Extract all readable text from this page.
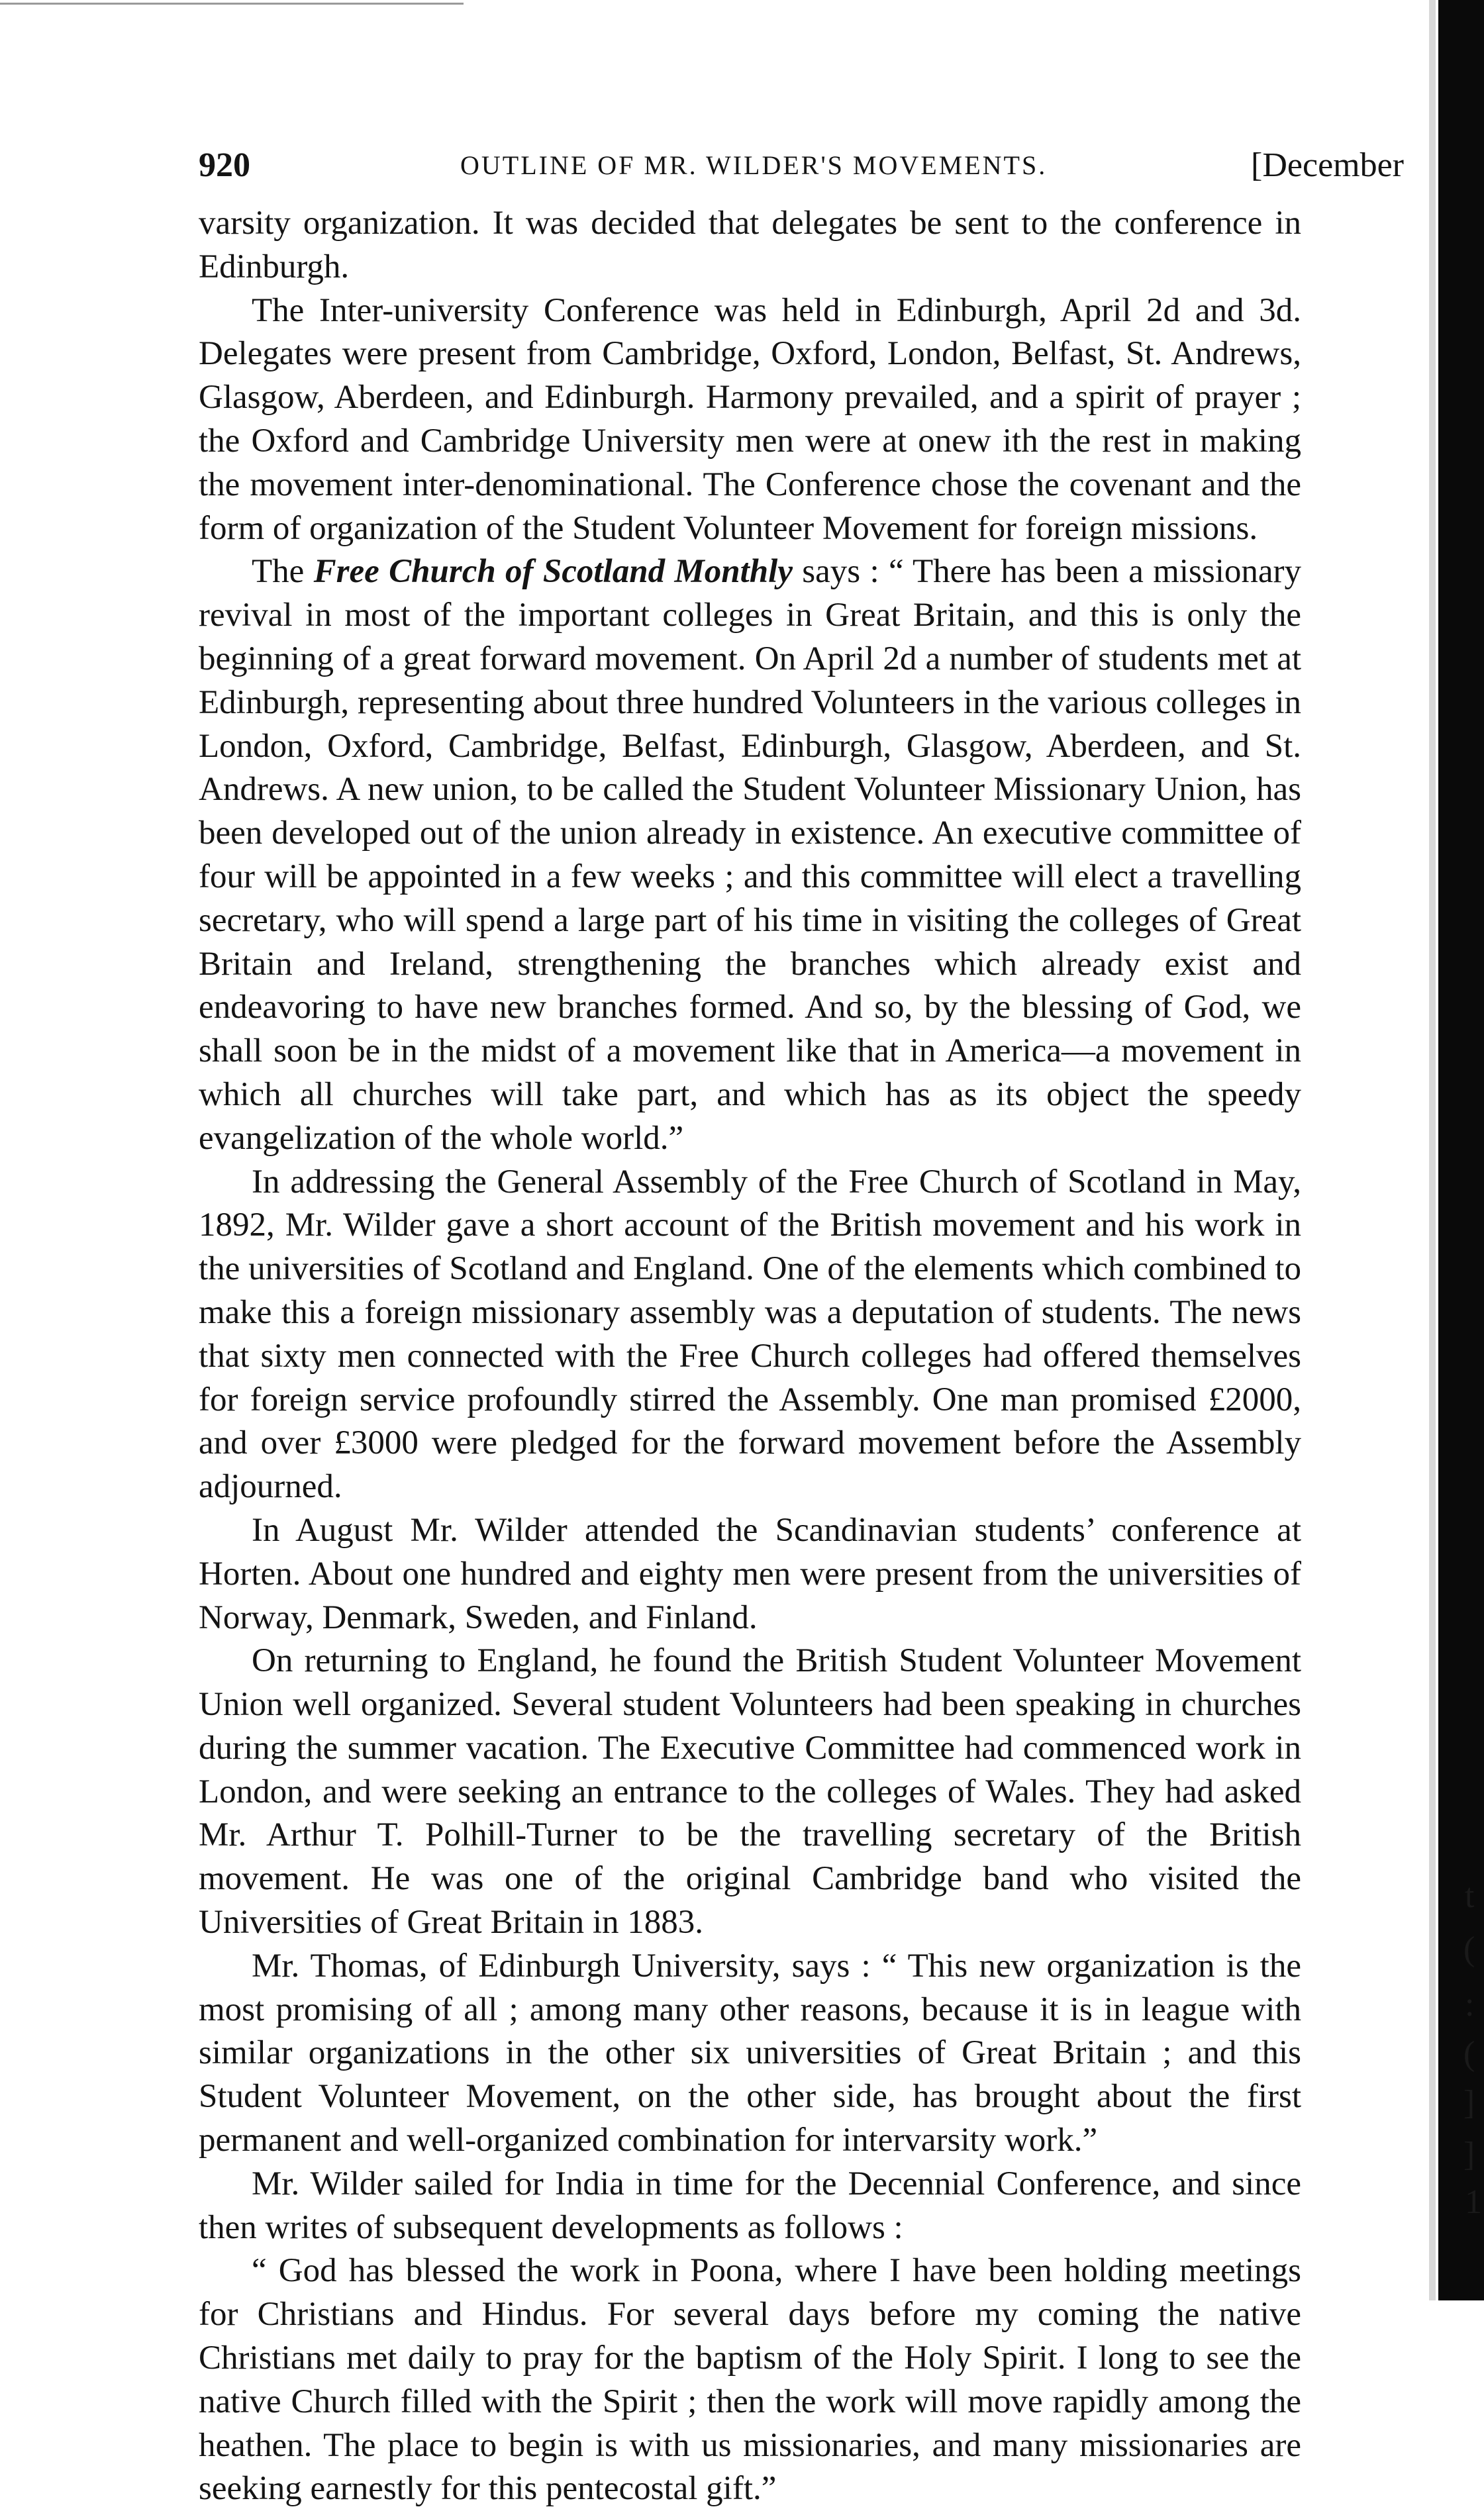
920	OUTLINE OF MR. WILDER'S MOVEMENTS.	[December

varsity organization. It was decided that delegates be sent to the conference in Edinburgh.

The Inter-university Conference was held in Edinburgh, April 2d and 3d. Delegates were present from Cambridge, Oxford, London, Belfast, St. Andrews, Glasgow, Aberdeen, and Edinburgh. Harmony prevailed, and a spirit of prayer ; the Oxford and Cambridge University men were at onew ith the rest in making the movement inter-denominational. The Conference chose the covenant and the form of organization of the Student Volunteer Movement for foreign missions.

The Free Church of Scotland Monthly says : “ There has been a missionary revival in most of the important colleges in Great Britain, and this is only the beginning of a great forward movement. On April 2d a number of students met at Edinburgh, representing about three hundred Volunteers in the various colleges in London, Oxford, Cambridge, Belfast, Edinburgh, Glasgow, Aberdeen, and St. Andrews. A new union, to be called the Student Volunteer Missionary Union, has been developed out of the union already in existence. An executive committee of four will be appointed in a few weeks ; and this committee will elect a travelling secretary, who will spend a large part of his time in visiting the colleges of Great Britain and Ireland, strengthening the branches which already exist and endeavoring to have new branches formed. And so, by the blessing of God, we shall soon be in the midst of a movement like that in America—a movement in which all churches will take part, and which has as its object the speedy evangelization of the whole world.”

In addressing the General Assembly of the Free Church of Scotland in May, 1892, Mr. Wilder gave a short account of the British movement and his work in the universities of Scotland and England. One of the elements which combined to make this a foreign missionary assembly was a deputation of students. The news that sixty men connected with the Free Church colleges had offered themselves for foreign service profoundly stirred the Assembly. One man promised £2000, and over £3000 were pledged for the forward movement before the Assembly adjourned.

In August Mr. Wilder attended the Scandinavian students’ conference at Horten. About one hundred and eighty men were present from the universities of Norway, Denmark, Sweden, and Finland.

On returning to England, he found the British Student Volunteer Movement Union well organized. Several student Volunteers had been speaking in churches during the summer vacation. The Executive Committee had commenced work in London, and were seeking an entrance to the colleges of Wales. They had asked Mr. Arthur T. Polhill-Turner to be the travelling secretary of the British movement. He was one of the original Cambridge band who visited the Universities of Great Britain in 1883.

Mr. Thomas, of Edinburgh University, says : “ This new organization is the most promising of all ; among many other reasons, because it is in league with similar organizations in the other six universities of Great Britain ; and this Student Volunteer Movement, on the other side, has brought about the first permanent and well-organized combination for intervarsity work.”

Mr. Wilder sailed for India in time for the Decennial Conference, and since then writes of subsequent developments as follows :

“ God has blessed the work in Poona, where I have been holding meetings for Christians and Hindus. For several days before my coming the native Christians met daily to pray for the baptism of the Holy Spirit. I long to see the native Church filled with the Spirit ; then the work will move rapidly among the heathen. The place to begin is with us missionaries, and many missionaries are seeking earnestly for this pentecostal gift.”

t
(
:
(
]
]
1
